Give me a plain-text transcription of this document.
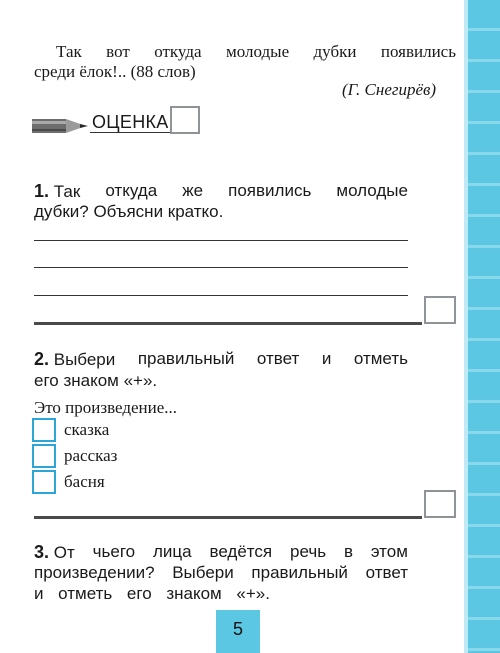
Так вот откуда молодые дубки появились
среди ёлок!.. (88 слов)
(Г. Снегирёв)
ОЦЕНКА
1. Так откуда же появились молодые
дубки? Объясни кратко.
2. Выбери правильный ответ и отметь
его знаком «+».
Это произведение...
сказка
рассказ
басня
3. От чьего лица ведётся речь в этом
произведении? Выбери правильный ответ
и отметь его знаком «+».
5
